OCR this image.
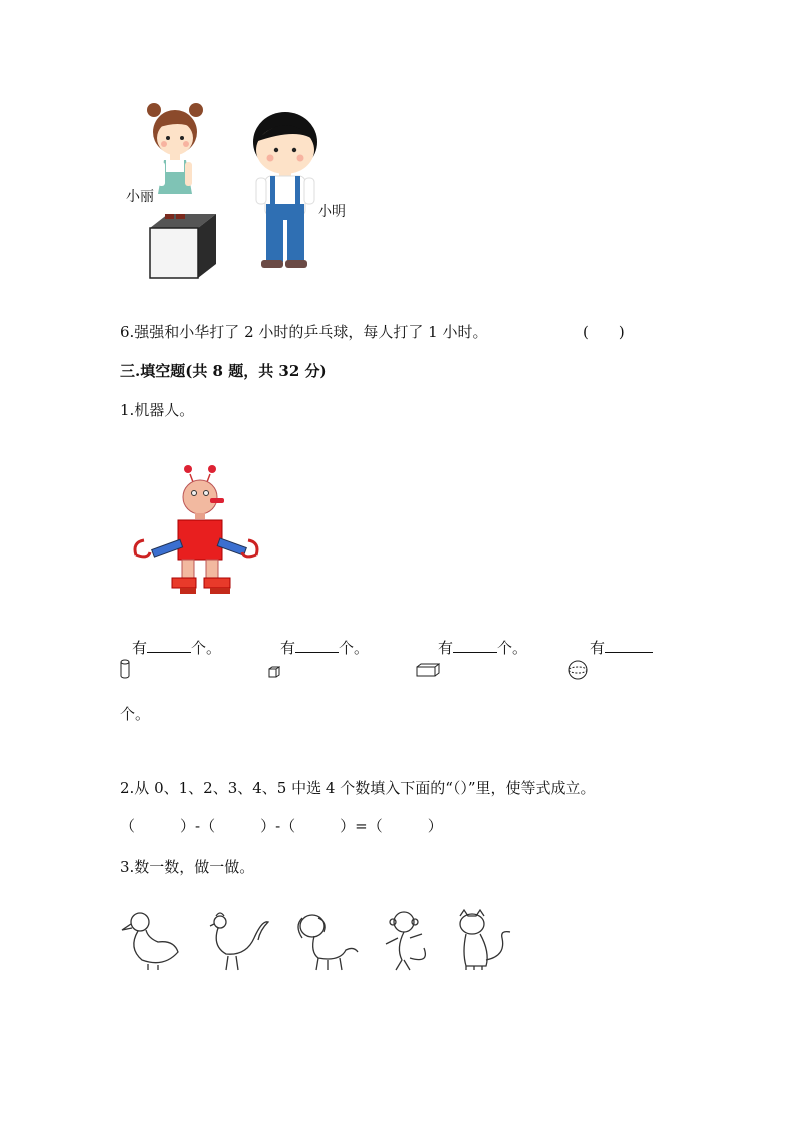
小丽
小明
6.强强和小华打了 2 小时的乒乓球，每人打了 1 小时。	(　　)
三.填空题(共 8 题，共 32 分)
1.机器人。
有	个。	有	个。	有	个。	有
个。
2.从 0、1、2、3、4、5 中选 4 个数填入下面的“（）”里，使等式成立。
（　　　）-（　　　）-（　　　）=（　　　）
3.数一数，做一做。
